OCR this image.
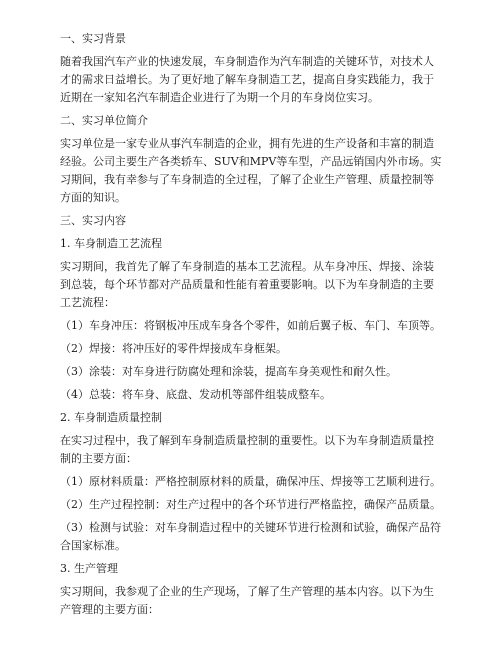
一、实习背景

随着我国汽车产业的快速发展，车身制造作为汽车制造的关键环节，对技术人才的需求日益增长。为了更好地了解车身制造工艺，提高自身实践能力，我于近期在一家知名汽车制造企业进行了为期一个月的车身岗位实习。

二、实习单位简介

实习单位是一家专业从事汽车制造的企业，拥有先进的生产设备和丰富的制造经验。公司主要生产各类轿车、SUV和MPV等车型，产品远销国内外市场。实习期间，我有幸参与了车身制造的全过程，了解了企业生产管理、质量控制等方面的知识。

三、实习内容

1. 车身制造工艺流程

实习期间，我首先了解了车身制造的基本工艺流程。从车身冲压、焊接、涂装到总装，每个环节都对产品质量和性能有着重要影响。以下为车身制造的主要工艺流程：

（1）车身冲压：将钢板冲压成车身各个零件，如前后翼子板、车门、车顶等。

（2）焊接：将冲压好的零件焊接成车身框架。

（3）涂装：对车身进行防腐处理和涂装，提高车身美观性和耐久性。

（4）总装：将车身、底盘、发动机等部件组装成整车。

2. 车身制造质量控制

在实习过程中，我了解到车身制造质量控制的重要性。以下为车身制造质量控制的主要方面：

（1）原材料质量：严格控制原材料的质量，确保冲压、焊接等工艺顺利进行。

（2）生产过程控制：对生产过程中的各个环节进行严格监控，确保产品质量。

（3）检测与试验：对车身制造过程中的关键环节进行检测和试验，确保产品符合国家标准。

3. 生产管理

实习期间，我参观了企业的生产现场，了解了生产管理的基本内容。以下为生产管理的主要方面：
